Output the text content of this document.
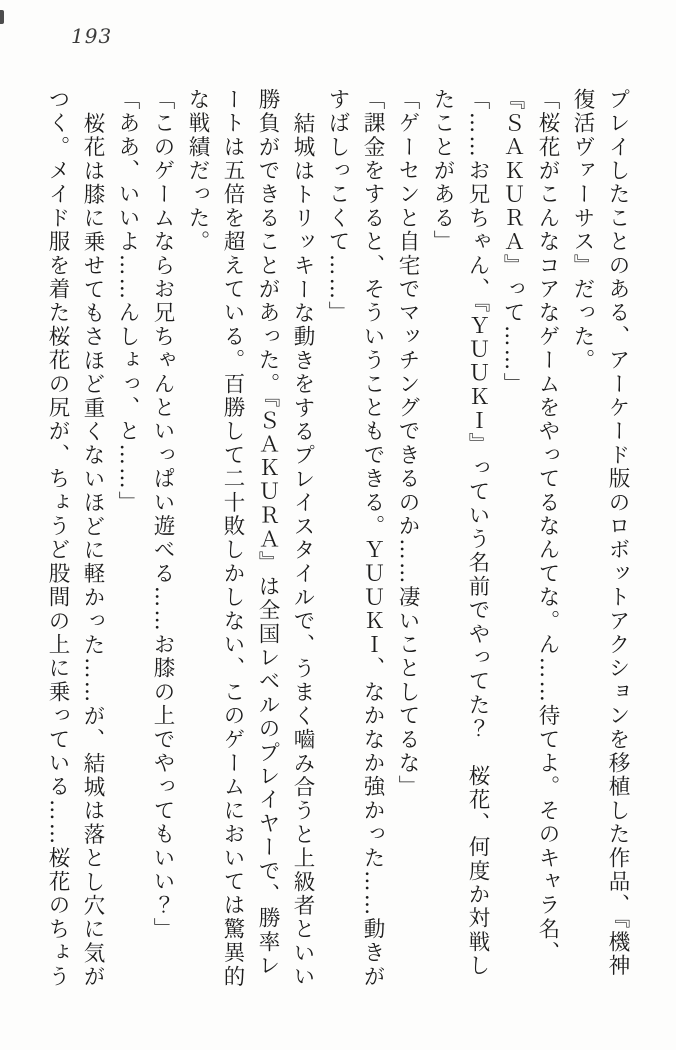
193
プレイしたことのある、アーケード版のロボットアクションを移植した作品、『機神
復活ヴァーサス』だった。
「桜花がこんなコアなゲームをやってるなんてな。ん……待てよ。そのキャラ名、
『ＳＡＫＵＲＡ』って……」
「……お兄ちゃん、『ＹＵＵＫＩ』っていう名前でやってた？　桜花、何度か対戦し
たことがある」
「ゲーセンと自宅でマッチングできるのか……凄いことしてるな」
「課金をすると、そういうこともできる。ＹＵＵＫＩ、なかなか強かった……動きが
すばしっこくて……」
結城はトリッキーな動きをするプレイスタイルで、うまく嚙み合うと上級者といい
勝負ができることがあった。『ＳＡＫＵＲＡ』は全国レベルのプレイヤーで、勝率レ
ートは五倍を超えている。百勝して二十敗しかしない、このゲームにおいては驚異的
な戦績だった。
「このゲームならお兄ちゃんといっぱい遊べる……お膝の上でやってもいい？」
「ああ、いいよ……んしょっ、と……」
桜花は膝に乗せてもさほど重くないほどに軽かった……が、結城は落とし穴に気が
つく。メイド服を着た桜花の尻が、ちょうど股間の上に乗っている……桜花のちょう
